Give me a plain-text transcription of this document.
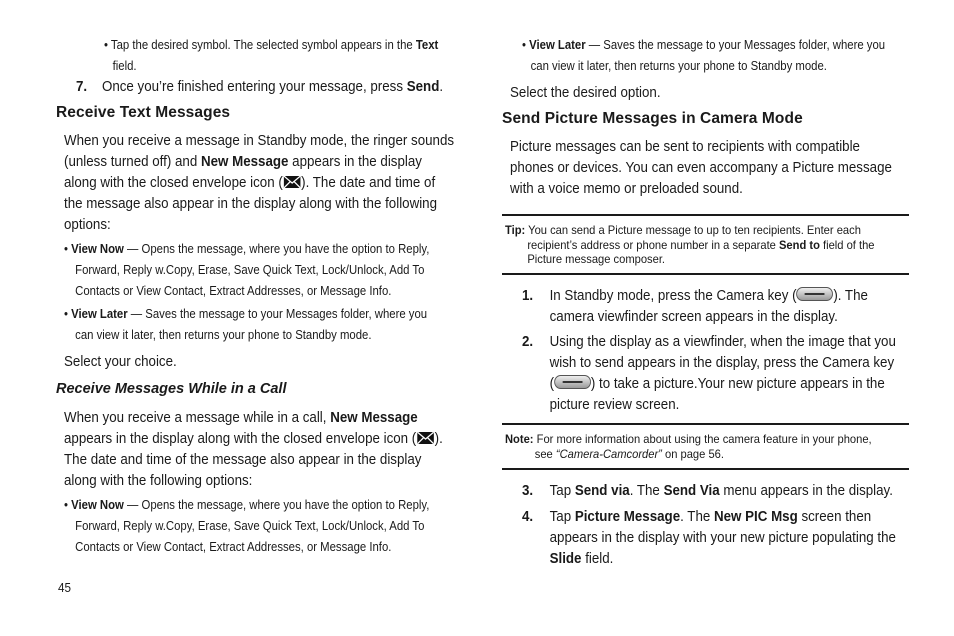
• Tap the desired symbol. The selected symbol appears in the Text
field.
7. Once you’re finished entering your message, press Send.
Receive Text Messages
When you receive a message in Standby mode, the ringer sounds
(unless turned off) and New Message appears in the display
along with the closed envelope icon ( ). The date and time of
the message also appear in the display along with the following
options:
• View Now — Opens the message, where you have the option to Reply,
Forward, Reply w.Copy, Erase, Save Quick Text, Lock/Unlock, Add To
Contacts or View Contact, Extract Addresses, or Message Info.
• View Later — Saves the message to your Messages folder, where you
can view it later, then returns your phone to Standby mode.
Select your choice.
Receive Messages While in a Call
When you receive a message while in a call, New Message
appears in the display along with the closed envelope icon ( ).
The date and time of the message also appear in the display
along with the following options:
• View Now — Opens the message, where you have the option to Reply,
Forward, Reply w.Copy, Erase, Save Quick Text, Lock/Unlock, Add To
Contacts or View Contact, Extract Addresses, or Message Info.
45
• View Later — Saves the message to your Messages folder, where you
can view it later, then returns your phone to Standby mode.
Select the desired option.
Send Picture Messages in Camera Mode
Picture messages can be sent to recipients with compatible
phones or devices. You can even accompany a Picture message
with a voice memo or preloaded sound.
Tip: You can send a Picture message to up to ten recipients. Enter each
recipient’s address or phone number in a separate Send to field of the
Picture message composer.
1. In Standby mode, press the Camera key (	). The
camera viewfinder screen appears in the display.
2. Using the display as a viewfinder, when the image that you
wish to send appears in the display, press the Camera key
(	) to take a picture.Your new picture appears in the
picture review screen.
Note: For more information about using the camera feature in your phone,
see “Camera-Camcorder” on page 56.
3. Tap Send via. The Send Via menu appears in the display.
4. Tap Picture Message. The New PIC Msg screen then
appears in the display with your new picture populating the
Slide field.
